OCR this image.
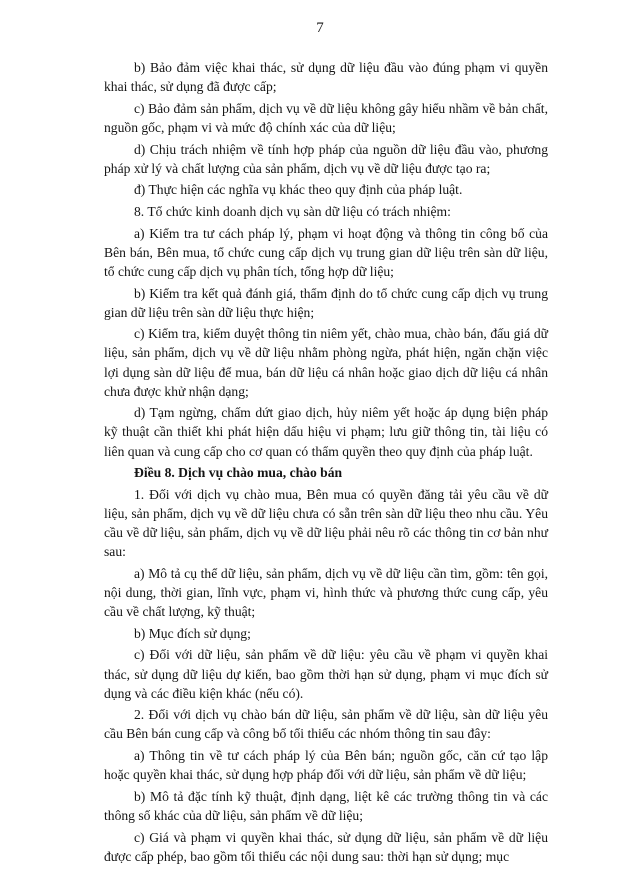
7

b) Bảo đảm việc khai thác, sử dụng dữ liệu đầu vào đúng phạm vi quyền khai thác, sử dụng đã được cấp;

c) Bảo đảm sản phẩm, dịch vụ về dữ liệu không gây hiểu nhầm về bản chất, nguồn gốc, phạm vi và mức độ chính xác của dữ liệu;

d) Chịu trách nhiệm về tính hợp pháp của nguồn dữ liệu đầu vào, phương pháp xử lý và chất lượng của sản phẩm, dịch vụ về dữ liệu được tạo ra;

đ) Thực hiện các nghĩa vụ khác theo quy định của pháp luật.

8. Tổ chức kinh doanh dịch vụ sàn dữ liệu có trách nhiệm:

a) Kiểm tra tư cách pháp lý, phạm vi hoạt động và thông tin công bố của Bên bán, Bên mua, tổ chức cung cấp dịch vụ trung gian dữ liệu trên sàn dữ liệu, tổ chức cung cấp dịch vụ phân tích, tổng hợp dữ liệu;

b) Kiểm tra kết quả đánh giá, thẩm định do tổ chức cung cấp dịch vụ trung gian dữ liệu trên sàn dữ liệu thực hiện;

c) Kiểm tra, kiểm duyệt thông tin niêm yết, chào mua, chào bán, đấu giá dữ liệu, sản phẩm, dịch vụ về dữ liệu nhằm phòng ngừa, phát hiện, ngăn chặn việc lợi dụng sàn dữ liệu để mua, bán dữ liệu cá nhân hoặc giao dịch dữ liệu cá nhân chưa được khử nhận dạng;

d) Tạm ngừng, chấm dứt giao dịch, hủy niêm yết hoặc áp dụng biện pháp kỹ thuật cần thiết khi phát hiện dấu hiệu vi phạm; lưu giữ thông tin, tài liệu có liên quan và cung cấp cho cơ quan có thẩm quyền theo quy định của pháp luật.

Điều 8. Dịch vụ chào mua, chào bán

1. Đối với dịch vụ chào mua, Bên mua có quyền đăng tải yêu cầu về dữ liệu, sản phẩm, dịch vụ về dữ liệu chưa có sẵn trên sàn dữ liệu theo nhu cầu. Yêu cầu về dữ liệu, sản phẩm, dịch vụ về dữ liệu phải nêu rõ các thông tin cơ bản như sau:

a) Mô tả cụ thể dữ liệu, sản phẩm, dịch vụ về dữ liệu cần tìm, gồm: tên gọi, nội dung, thời gian, lĩnh vực, phạm vi, hình thức và phương thức cung cấp, yêu cầu về chất lượng, kỹ thuật;

b) Mục đích sử dụng;

c) Đối với dữ liệu, sản phẩm về dữ liệu: yêu cầu về phạm vi quyền khai thác, sử dụng dữ liệu dự kiến, bao gồm thời hạn sử dụng, phạm vi mục đích sử dụng và các điều kiện khác (nếu có).

2. Đối với dịch vụ chào bán dữ liệu, sản phẩm về dữ liệu, sàn dữ liệu yêu cầu Bên bán cung cấp và công bố tối thiểu các nhóm thông tin sau đây:

a) Thông tin về tư cách pháp lý của Bên bán; nguồn gốc, căn cứ tạo lập hoặc quyền khai thác, sử dụng hợp pháp đối với dữ liệu, sản phẩm về dữ liệu;

b) Mô tả đặc tính kỹ thuật, định dạng, liệt kê các trường thông tin và các thông số khác của dữ liệu, sản phẩm về dữ liệu;

c) Giá và phạm vi quyền khai thác, sử dụng dữ liệu, sản phẩm về dữ liệu được cấp phép, bao gồm tối thiểu các nội dung sau: thời hạn sử dụng; mục
